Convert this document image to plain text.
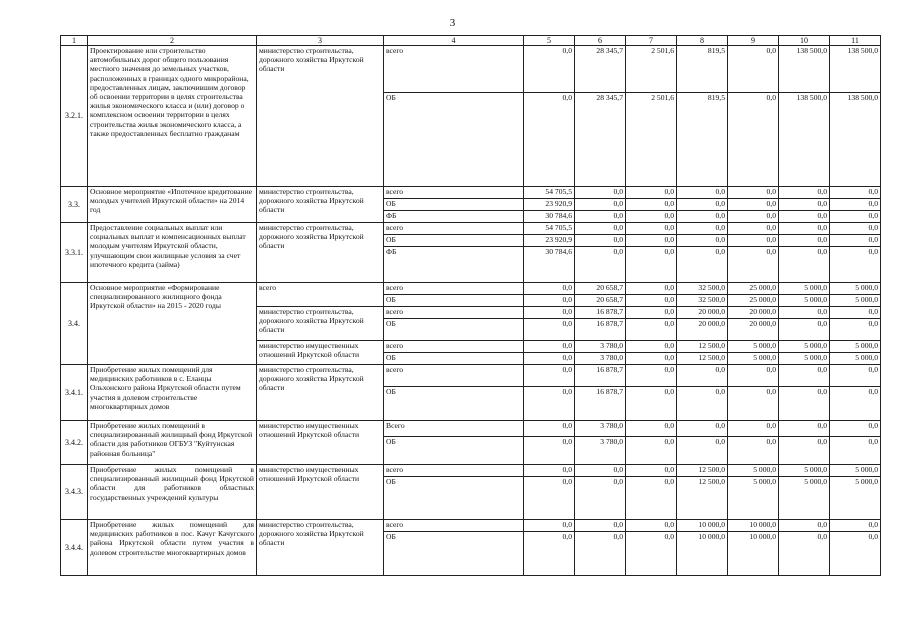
3
1	2	3	4	5	6	7	8	9	10	11
3.2.1.	Проектирование или строительство автомобильных дорог общего пользования местного значения до земельных участков, расположенных в границах одного микрорайона, предоставленных лицам, заключившим договор об освоении территории в целях строительства жилья экономического класса и (или) договор о комплексном освоении территории в целях строительства жилья экономического класса, а также предоставленных бесплатно гражданам	министерство строительства, дорожного хозяйства Иркутской области	всего	0,0	28 345,7	2 501,6	819,5	0,0	138 500,0	138 500,0
			ОБ	0,0	28 345,7	2 501,6	819,5	0,0	138 500,0	138 500,0
3.3.	Основное мероприятие «Ипотечное кредитование молодых учителей Иркутской области» на 2014 год	министерство строительства, дорожного хозяйства Иркутской области	всего	54 705,5	0,0	0,0	0,0	0,0	0,0	0,0
			ОБ	23 920,9	0,0	0,0	0,0	0,0	0,0	0,0
			ФБ	30 784,6	0,0	0,0	0,0	0,0	0,0	0,0
3.3.1.	Предоставление социальных выплат или социальных выплат и компенсационных выплат молодым учителям Иркутской области, улучшающим свои жилищные условия за счет ипотечного кредита (займа)	министерство строительства, дорожного хозяйства Иркутской области	всего	54 705,5	0,0	0,0	0,0	0,0	0,0	0,0
			ОБ	23 920,9	0,0	0,0	0,0	0,0	0,0	0,0
			ФБ	30 784,6	0,0	0,0	0,0	0,0	0,0	0,0
3.4.	Основное мероприятие «Формирование специализированного жилищного фонда Иркутской области» на 2015 - 2020 годы	всего	всего	0,0	20 658,7	0,0	32 500,0	25 000,0	5 000,0	5 000,0
			ОБ	0,0	20 658,7	0,0	32 500,0	25 000,0	5 000,0	5 000,0
		министерство строительства, дорожного хозяйства Иркутской области	всего	0,0	16 878,7	0,0	20 000,0	20 000,0	0,0	0,0
			ОБ	0,0	16 878,7	0,0	20 000,0	20 000,0	0,0	0,0
		министерство имущественных отношений Иркутской области	всего	0,0	3 780,0	0,0	12 500,0	5 000,0	5 000,0	5 000,0
			ОБ	0,0	3 780,0	0,0	12 500,0	5 000,0	5 000,0	5 000,0
3.4.1.	Приобретение жилых помещений для медицинских работников в с. Еланцы Ольхонского района Иркутской области путем участия в долевом строительстве многоквартирных домов	министерство строительства, дорожного хозяйства Иркутской области	всего	0,0	16 878,7	0,0	0,0	0,0	0,0	0,0
			ОБ	0,0	16 878,7	0,0	0,0	0,0	0,0	0,0
3.4.2.	Приобретение жилых помещений в специализированный жилищный фонд Иркутской области для работников ОГБУЗ "Куйтунская районная больница"	министерство имущественных отношений Иркутской области	Всего	0,0	3 780,0	0,0	0,0	0,0	0,0	0,0
			ОБ	0,0	3 780,0	0,0	0,0	0,0	0,0	0,0
3.4.3.	Приобретение жилых помещений в специализированный жилищный фонд Иркутской области для работников областных государственных учреждений культуры	министерство имущественных отношений Иркутской области	всего	0,0	0,0	0,0	12 500,0	5 000,0	5 000,0	5 000,0
			ОБ	0,0	0,0	0,0	12 500,0	5 000,0	5 000,0	5 000,0
3.4.4.	Приобретение жилых помещений для медицинских работников в пос. Качуг Качугского района Иркутской области путем участия в долевом строительстве многоквартирных домов	министерство строительства, дорожного хозяйства Иркутской области	всего	0,0	0,0	0,0	10 000,0	10 000,0	0,0	0,0
			ОБ	0,0	0,0	0,0	10 000,0	10 000,0	0,0	0,0
